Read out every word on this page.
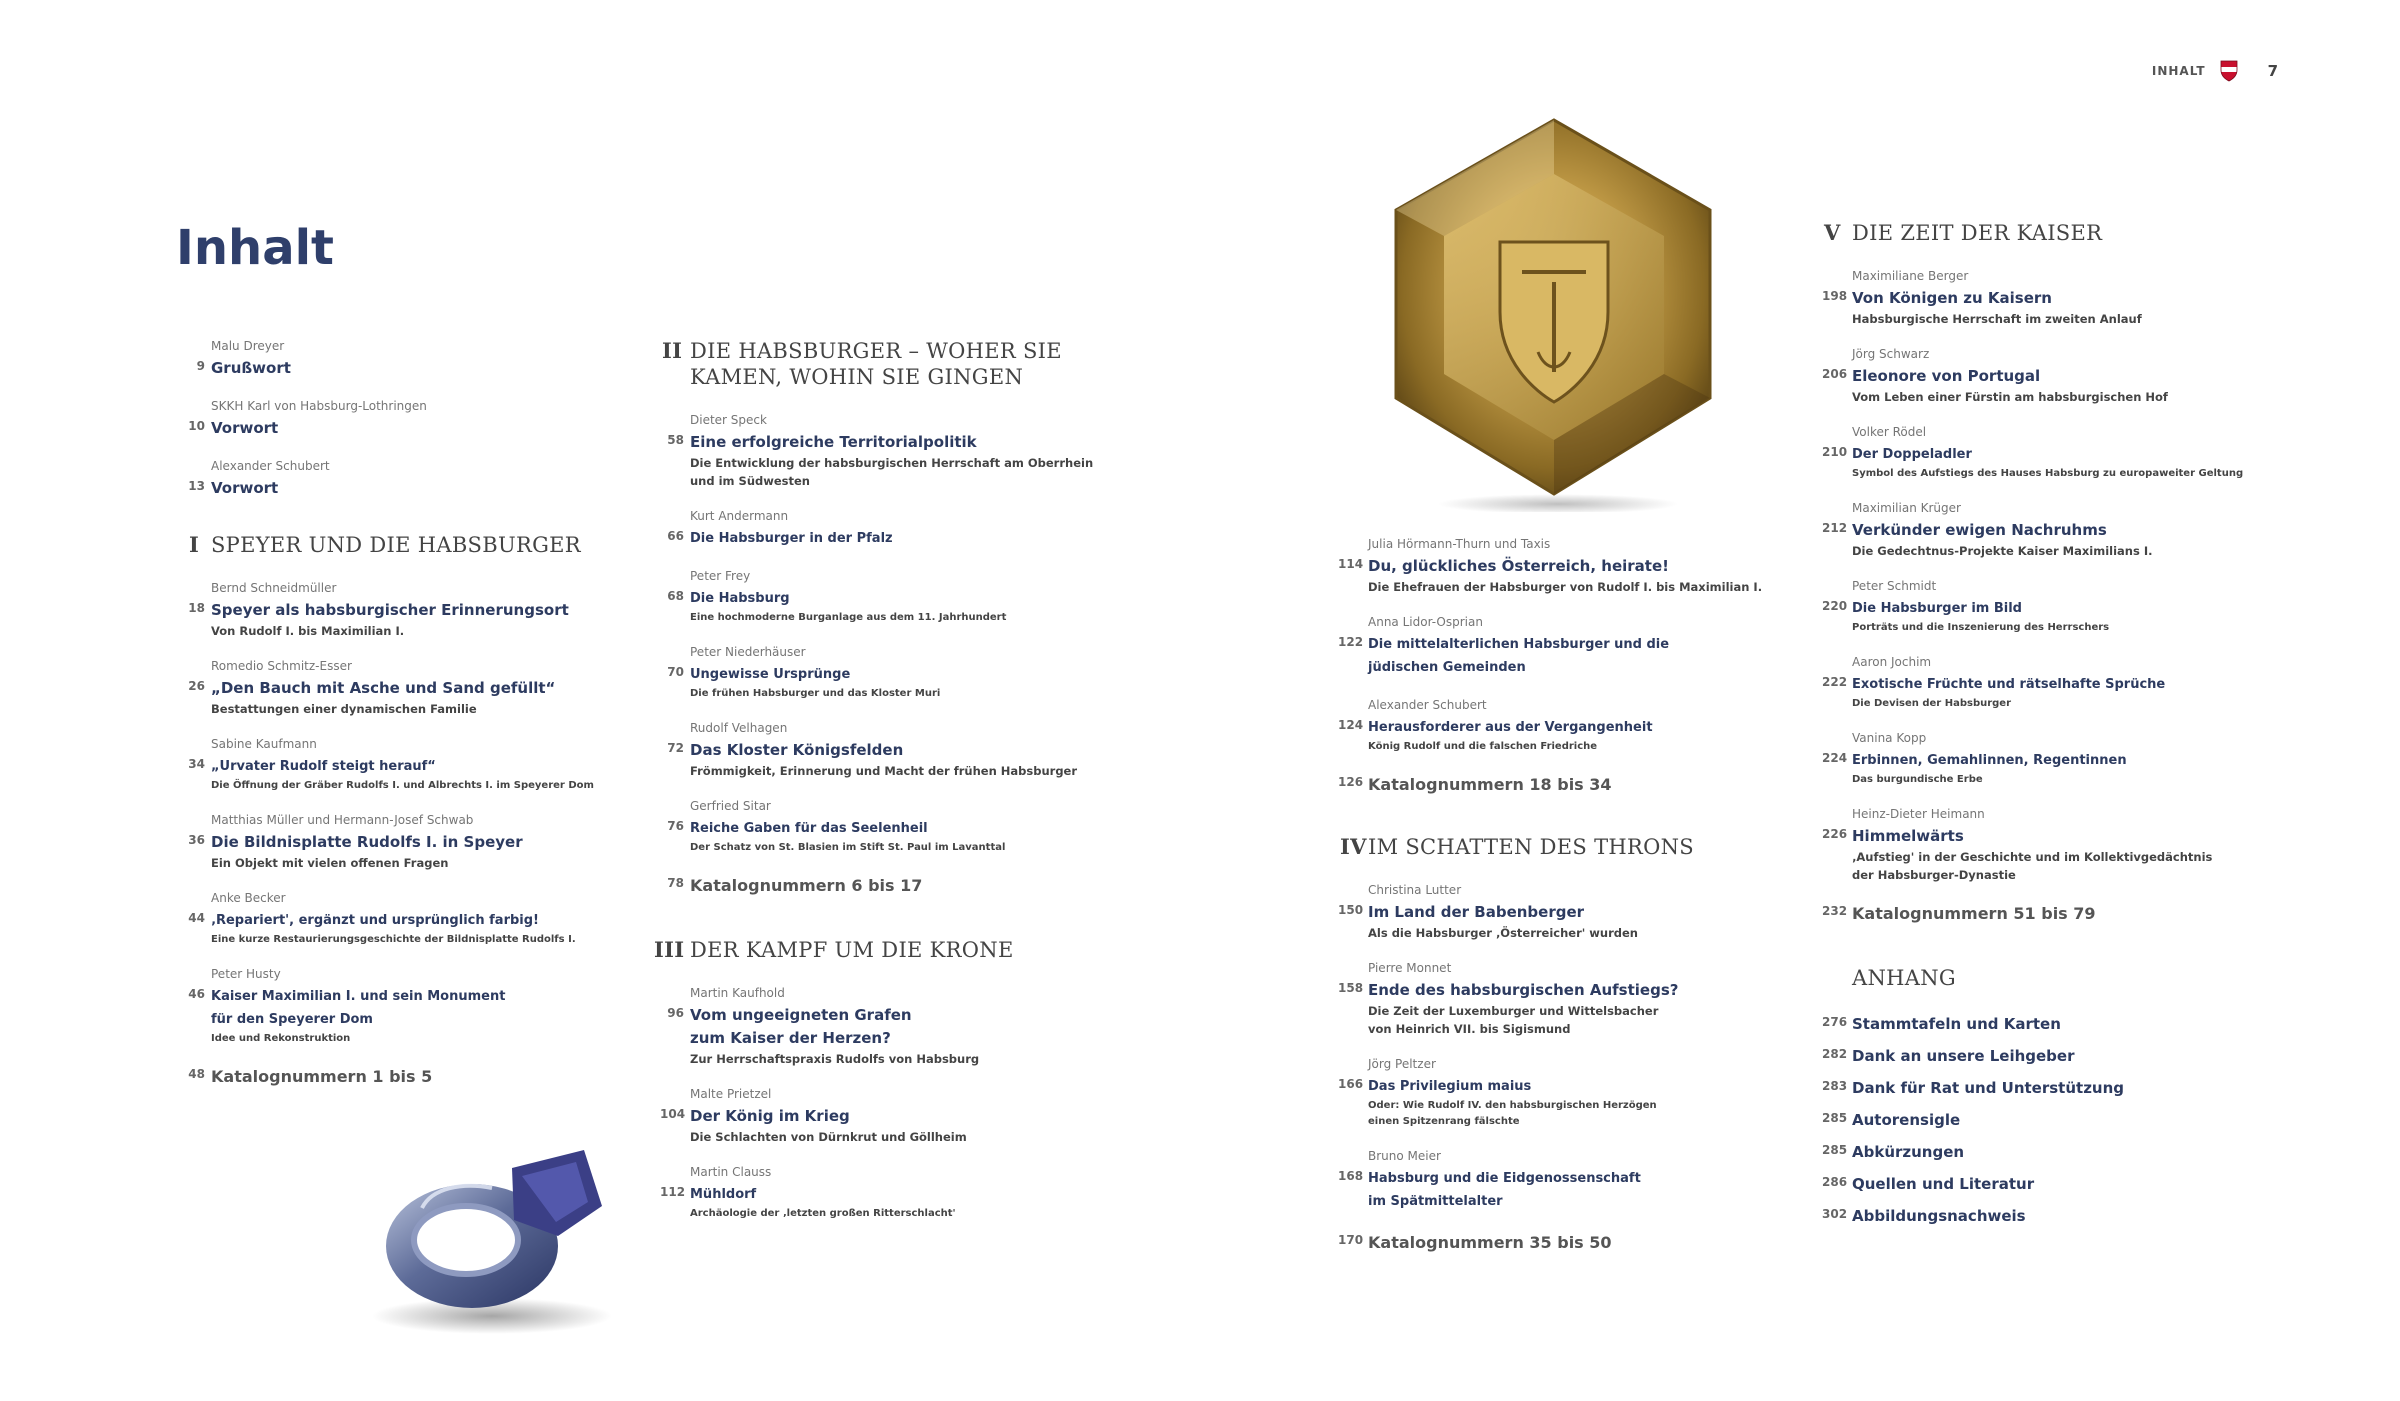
INHALT	7
Inhalt
Malu Dreyer
9 Grußwort
SKKH Karl von Habsburg-Lothringen
10 Vorwort
Alexander Schubert
13 Vorwort
I SPEYER UND DIE HABSBURGER
Bernd Schneidmüller
18 Speyer als habsburgischer Erinnerungsort
Von Rudolf I. bis Maximilian I.
Romedio Schmitz-Esser
26 „Den Bauch mit Asche und Sand gefüllt“
Bestattungen einer dynamischen Familie
Sabine Kaufmann
34 „Urvater Rudolf steigt herauf“
Die Öffnung der Gräber Rudolfs I. und Albrechts I. im Speyerer Dom
Matthias Müller und Hermann-Josef Schwab
36 Die Bildnisplatte Rudolfs I. in Speyer
Ein Objekt mit vielen offenen Fragen
Anke Becker
44 ‚Repariert', ergänzt und ursprünglich farbig!
Eine kurze Restaurierungsgeschichte der Bildnisplatte Rudolfs I.
Peter Husty
46 Kaiser Maximilian I. und sein Monument
für den Speyerer Dom
Idee und Rekonstruktion
48 Katalognummern 1 bis 5
II DIE HABSBURGER – WOHER SIE
KAMEN, WOHIN SIE GINGEN
Dieter Speck
58 Eine erfolgreiche Territorialpolitik
Die Entwicklung der habsburgischen Herrschaft am Oberrhein
und im Südwesten
Kurt Andermann
66 Die Habsburger in der Pfalz
Peter Frey
68 Die Habsburg
Eine hochmoderne Burganlage aus dem 11. Jahrhundert
Peter Niederhäuser
70 Ungewisse Ursprünge
Die frühen Habsburger und das Kloster Muri
Rudolf Velhagen
72 Das Kloster Königsfelden
Frömmigkeit, Erinnerung und Macht der frühen Habsburger
Gerfried Sitar
76 Reiche Gaben für das Seelenheil
Der Schatz von St. Blasien im Stift St. Paul im Lavanttal
78 Katalognummern 6 bis 17
III DER KAMPF UM DIE KRONE
Martin Kaufhold
96 Vom ungeeigneten Grafen
zum Kaiser der Herzen?
Zur Herrschaftspraxis Rudolfs von Habsburg
Malte Prietzel
104 Der König im Krieg
Die Schlachten von Dürnkrut und Göllheim
Martin Clauss
112 Mühldorf
Archäologie der ‚letzten großen Ritterschlacht'
Julia Hörmann-Thurn und Taxis
114 Du, glückliches Österreich, heirate!
Die Ehefrauen der Habsburger von Rudolf I. bis Maximilian I.
Anna Lidor-Osprian
122 Die mittelalterlichen Habsburger und die
jüdischen Gemeinden
Alexander Schubert
124 Herausforderer aus der Vergangenheit
König Rudolf und die falschen Friedriche
126 Katalognummern 18 bis 34
IV IM SCHATTEN DES THRONS
Christina Lutter
150 Im Land der Babenberger
Als die Habsburger ‚Österreicher' wurden
Pierre Monnet
158 Ende des habsburgischen Aufstiegs?
Die Zeit der Luxemburger und Wittelsbacher
von Heinrich VII. bis Sigismund
Jörg Peltzer
166 Das Privilegium maius
Oder: Wie Rudolf IV. den habsburgischen Herzögen
einen Spitzenrang fälschte
Bruno Meier
168 Habsburg und die Eidgenossenschaft
im Spätmittelalter
170 Katalognummern 35 bis 50
V DIE ZEIT DER KAISER
Maximiliane Berger
198 Von Königen zu Kaisern
Habsburgische Herrschaft im zweiten Anlauf
Jörg Schwarz
206 Eleonore von Portugal
Vom Leben einer Fürstin am habsburgischen Hof
Volker Rödel
210 Der Doppeladler
Symbol des Aufstiegs des Hauses Habsburg zu europaweiter Geltung
Maximilian Krüger
212 Verkünder ewigen Nachruhms
Die Gedechtnus-Projekte Kaiser Maximilians I.
Peter Schmidt
220 Die Habsburger im Bild
Porträts und die Inszenierung des Herrschers
Aaron Jochim
222 Exotische Früchte und rätselhafte Sprüche
Die Devisen der Habsburger
Vanina Kopp
224 Erbinnen, Gemahlinnen, Regentinnen
Das burgundische Erbe
Heinz-Dieter Heimann
226 Himmelwärts
‚Aufstieg' in der Geschichte und im Kollektivgedächtnis
der Habsburger-Dynastie
232 Katalognummern 51 bis 79
ANHANG
276 Stammtafeln und Karten
282 Dank an unsere Leihgeber
283 Dank für Rat und Unterstützung
285 Autorensigle
285 Abkürzungen
286 Quellen und Literatur
302 Abbildungsnachweis
